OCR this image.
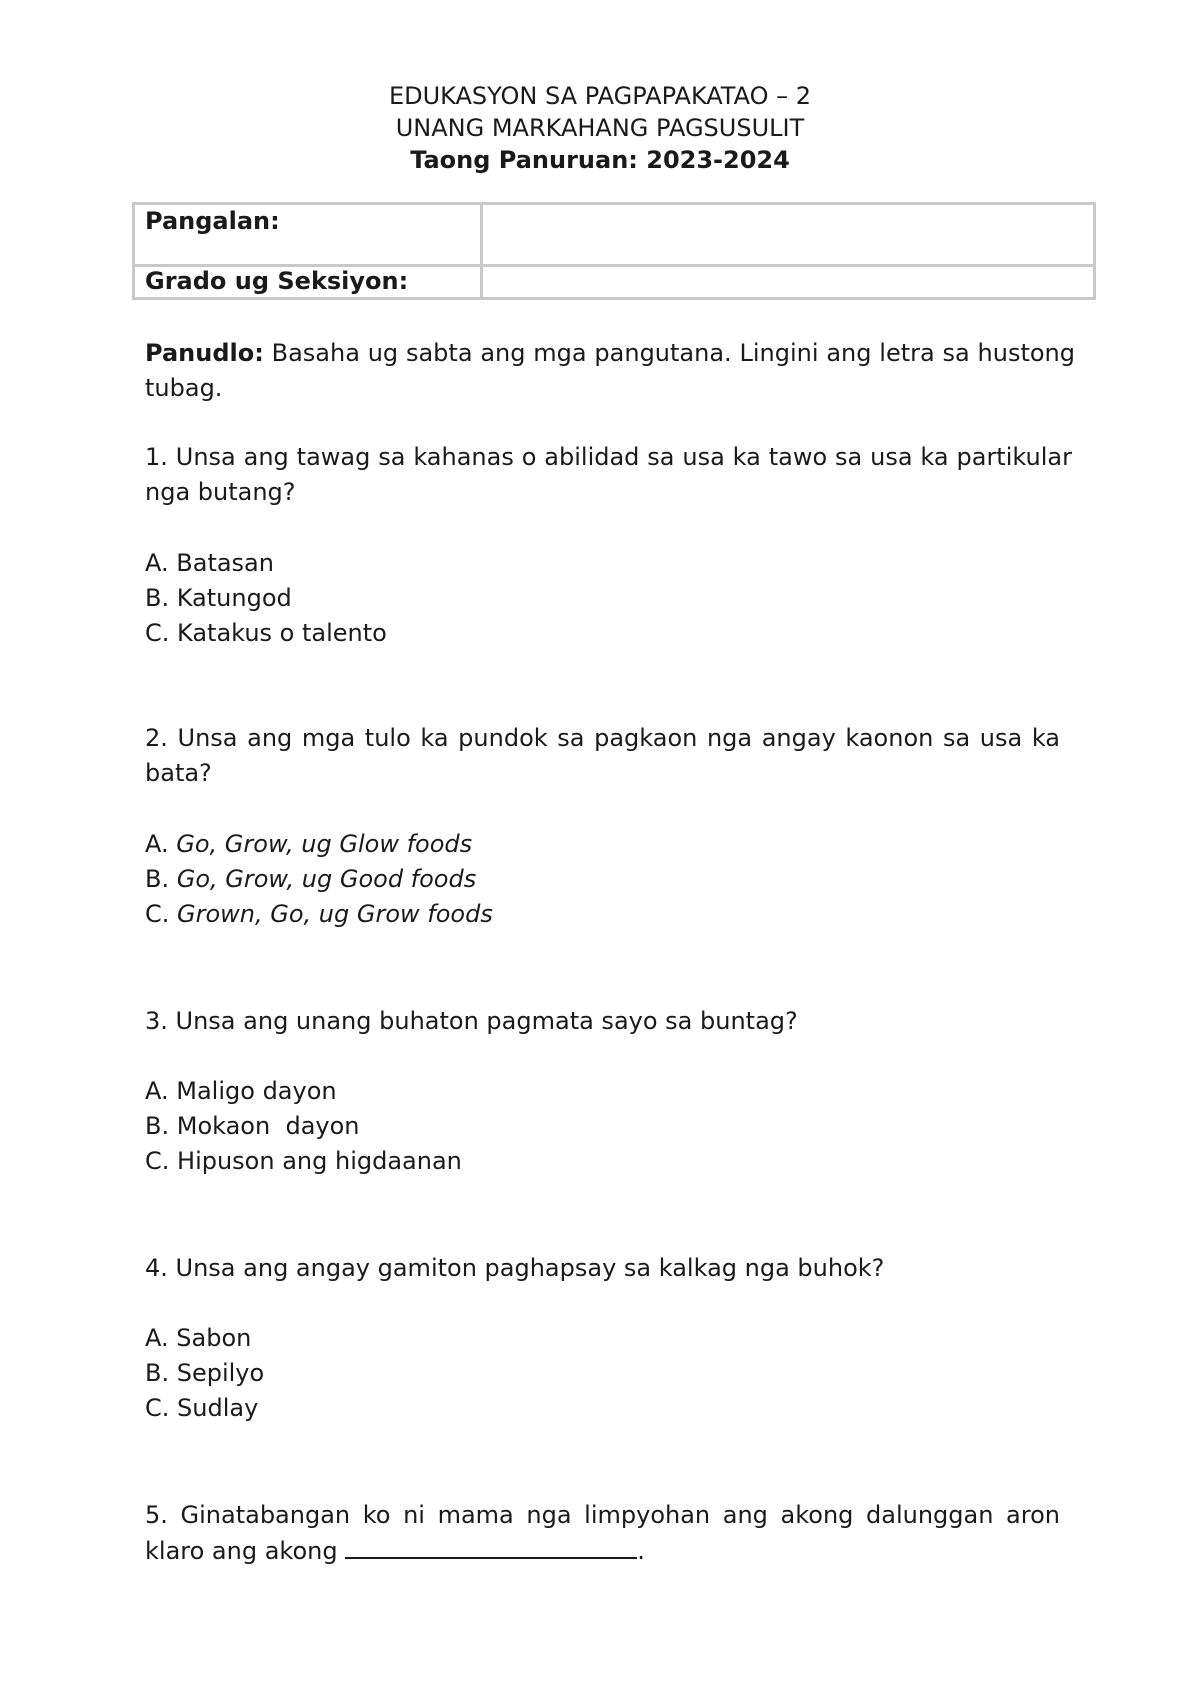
EDUKASYON SA PAGPAPAKATAO – 2
UNANG MARKAHANG PAGSUSULIT
Taong Panuruan: 2023-2024
Pangalan:	
Grado ug Seksiyon:	
Panudlo: Basaha ug sabta ang mga pangutana. Lingini ang letra sa hustong tubag.
1. Unsa ang tawag sa kahanas o abilidad sa usa ka tawo sa usa ka partikular nga butang?
A. Batasan
B. Katungod
C. Katakus o talento
2. Unsa ang mga tulo ka pundok sa pagkaon nga angay kaonon sa usa ka bata?
A. Go, Grow, ug Glow foods
B. Go, Grow, ug Good foods
C. Grown, Go, ug Grow foods
3. Unsa ang unang buhaton pagmata sayo sa buntag?
A. Maligo dayon
B. Mokaon  dayon
C. Hipuson ang higdaanan
4. Unsa ang angay gamiton paghapsay sa kalkag nga buhok?
A. Sabon
B. Sepilyo
C. Sudlay
5. Ginatabangan ko ni mama nga limpyohan ang akong dalunggan aron klaro ang akong	.
